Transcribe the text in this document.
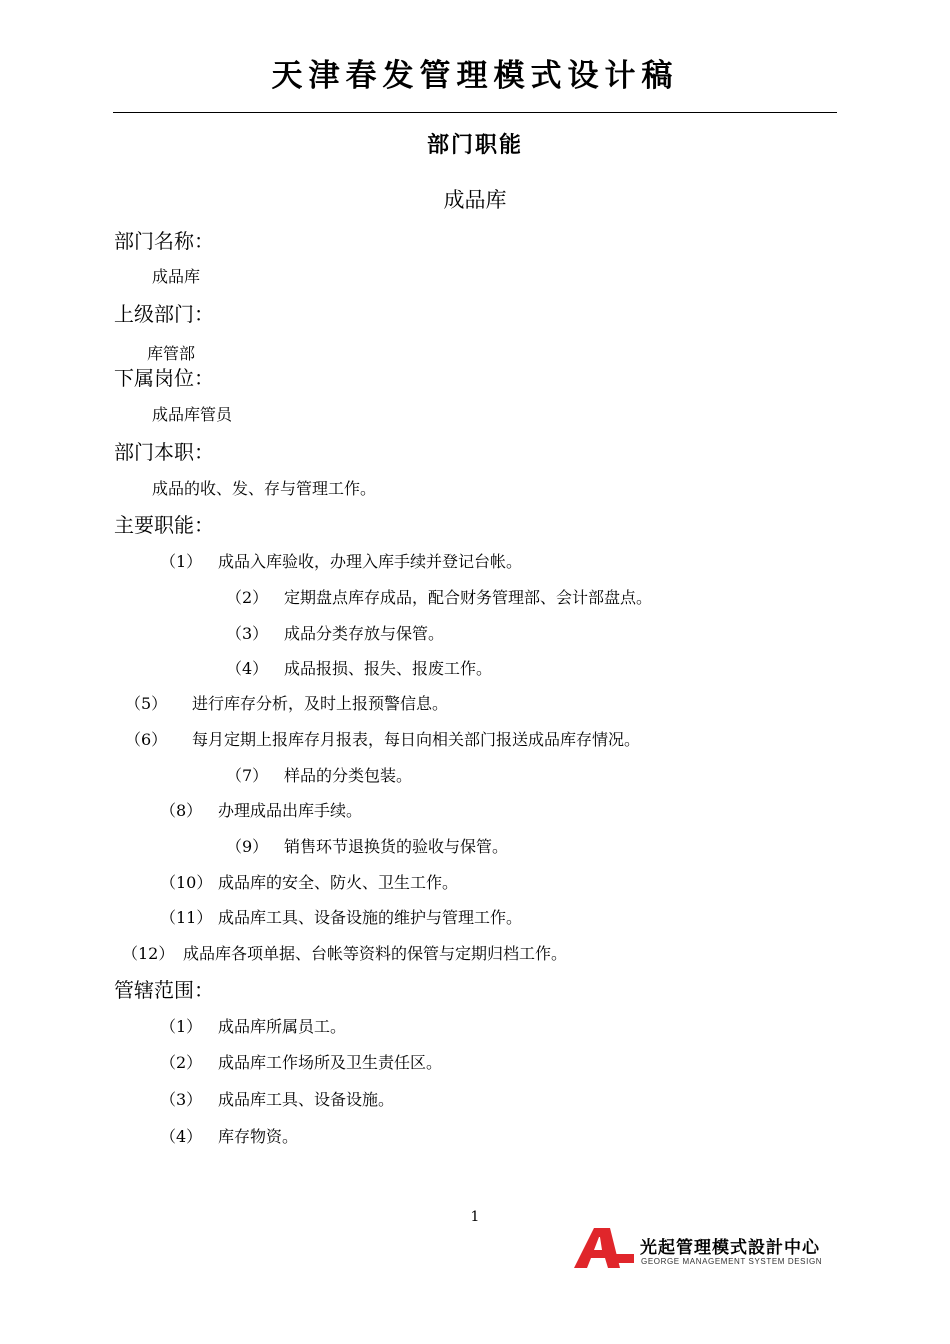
天津春发管理模式设计稿
部门职能
成品库
部门名称：
成品库
上级部门：
库管部
下属岗位：
成品库管员
部门本职：
成品的收、发、存与管理工作。
主要职能：
（1） 成品入库验收，办理入库手续并登记台帐。
（2） 定期盘点库存成品，配合财务管理部、会计部盘点。
（3） 成品分类存放与保管。
（4） 成品报损、报失、报废工作。
（5） 进行库存分析，及时上报预警信息。
（6） 每月定期上报库存月报表，每日向相关部门报送成品库存情况。
（7） 样品的分类包装。
（8） 办理成品出库手续。
（9） 销售环节退换货的验收与保管。
（10） 成品库的安全、防火、卫生工作。
（11） 成品库工具、设备设施的维护与管理工作。
（12） 成品库各项单据、台帐等资料的保管与定期归档工作。
管辖范围：
（1） 成品库所属员工。
（2） 成品库工作场所及卫生责任区。
（3） 成品库工具、设备设施。
（4） 库存物资。
1
光起管理模式設計中心
GEORGE MANAGEMENT SYSTEM DESIGN
